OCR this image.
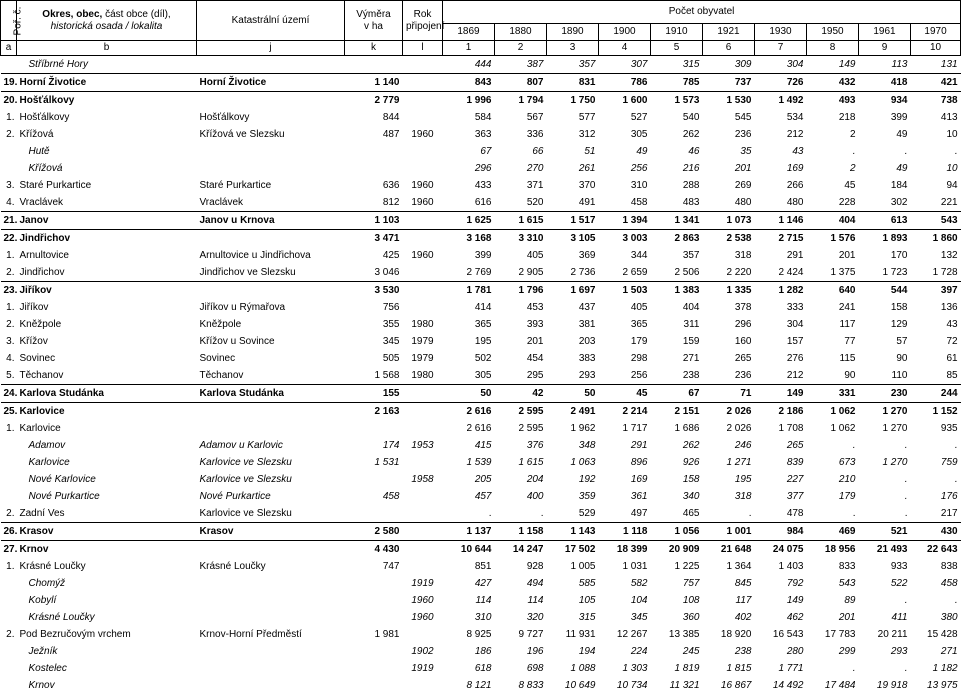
Poř. č.	Okres, obec, část obce (díl),
historická osada / lokalita	Katastrální území	Výměra
v ha	Rok
připojení	Počet obyvatel									
					1869	1880	1890	1900	1910	1921	1930	1950	1961	1970
a	b	j	k	l	1	2	3	4	5	6	7	8	9	10
	Stříbrné Hory				444	387	357	307	315	309	304	149	113	131
19.	Horní Životice	Horní Životice	1 140		843	807	831	786	785	737	726	432	418	421
20.	Hošťálkovy		2 779		1 996	1 794	1 750	1 600	1 573	1 530	1 492	493	934	738
1.	Hošťálkovy	Hošťálkovy	844		584	567	577	527	540	545	534	218	399	413
2.	Křížová	Křížová ve Slezsku	487	1960	363	336	312	305	262	236	212	2	49	10
	Hutě				67	66	51	49	46	35	43	.	.	.
	Křížová				296	270	261	256	216	201	169	2	49	10
3.	Staré Purkartice	Staré Purkartice	636	1960	433	371	370	310	288	269	266	45	184	94
4.	Vraclávek	Vraclávek	812	1960	616	520	491	458	483	480	480	228	302	221
21.	Janov	Janov u Krnova	1 103		1 625	1 615	1 517	1 394	1 341	1 073	1 146	404	613	543
22.	Jindřichov		3 471		3 168	3 310	3 105	3 003	2 863	2 538	2 715	1 576	1 893	1 860
1.	Arnultovice	Arnultovice u Jindřichova	425	1960	399	405	369	344	357	318	291	201	170	132
2.	Jindřichov	Jindřichov ve Slezsku	3 046		2 769	2 905	2 736	2 659	2 506	2 220	2 424	1 375	1 723	1 728
23.	Jiříkov		3 530		1 781	1 796	1 697	1 503	1 383	1 335	1 282	640	544	397
1.	Jiříkov	Jiříkov u Rýmařova	756		414	453	437	405	404	378	333	241	158	136
2.	Kněžpole	Kněžpole	355	1980	365	393	381	365	311	296	304	117	129	43
3.	Křížov	Křížov u Sovince	345	1979	195	201	203	179	159	160	157	77	57	72
4.	Sovinec	Sovinec	505	1979	502	454	383	298	271	265	276	115	90	61
5.	Těchanov	Těchanov	1 568	1980	305	295	293	256	238	236	212	90	110	85
24.	Karlova Studánka	Karlova Studánka	155		50	42	50	45	67	71	149	331	230	244
25.	Karlovice		2 163		2 616	2 595	2 491	2 214	2 151	2 026	2 186	1 062	1 270	1 152
1.	Karlovice				2 616	2 595	1 962	1 717	1 686	2 026	1 708	1 062	1 270	935
	Adamov	Adamov u Karlovic	174	1953	415	376	348	291	262	246	265	.	.	.
	Karlovice	Karlovice ve Slezsku	1 531		1 539	1 615	1 063	896	926	1 271	839	673	1 270	759
	Nové Karlovice	Karlovice ve Slezsku		1958	205	204	192	169	158	195	227	210	.	.
	Nové Purkartice	Nové Purkartice	458		457	400	359	361	340	318	377	179	.	176
2.	Zadní Ves	Karlovice ve Slezsku			.	.	529	497	465	.	478	.	.	217
26.	Krasov	Krasov	2 580		1 137	1 158	1 143	1 118	1 056	1 001	984	469	521	430
27.	Krnov		4 430		10 644	14 247	17 502	18 399	20 909	21 648	24 075	18 956	21 493	22 643
1.	Krásné Loučky	Krásné Loučky	747		851	928	1 005	1 031	1 225	1 364	1 403	833	933	838
	Chomýž			1919	427	494	585	582	757	845	792	543	522	458
	Kobylí			1960	114	114	105	104	108	117	149	89	.	.
	Krásné Loučky			1960	310	320	315	345	360	402	462	201	411	380
2.	Pod Bezručovým vrchem	Krnov-Horní Předměstí	1 981		8 925	9 727	11 931	12 267	13 385	18 920	16 543	17 783	20 211	15 428
	Ježník			1902	186	196	194	224	245	238	280	299	293	271
	Kostelec			1919	618	698	1 088	1 303	1 819	1 815	1 771	.	.	1 182
	Krnov				8 121	8 833	10 649	10 734	11 321	16 867	14 492	17 484	19 918	13 975
